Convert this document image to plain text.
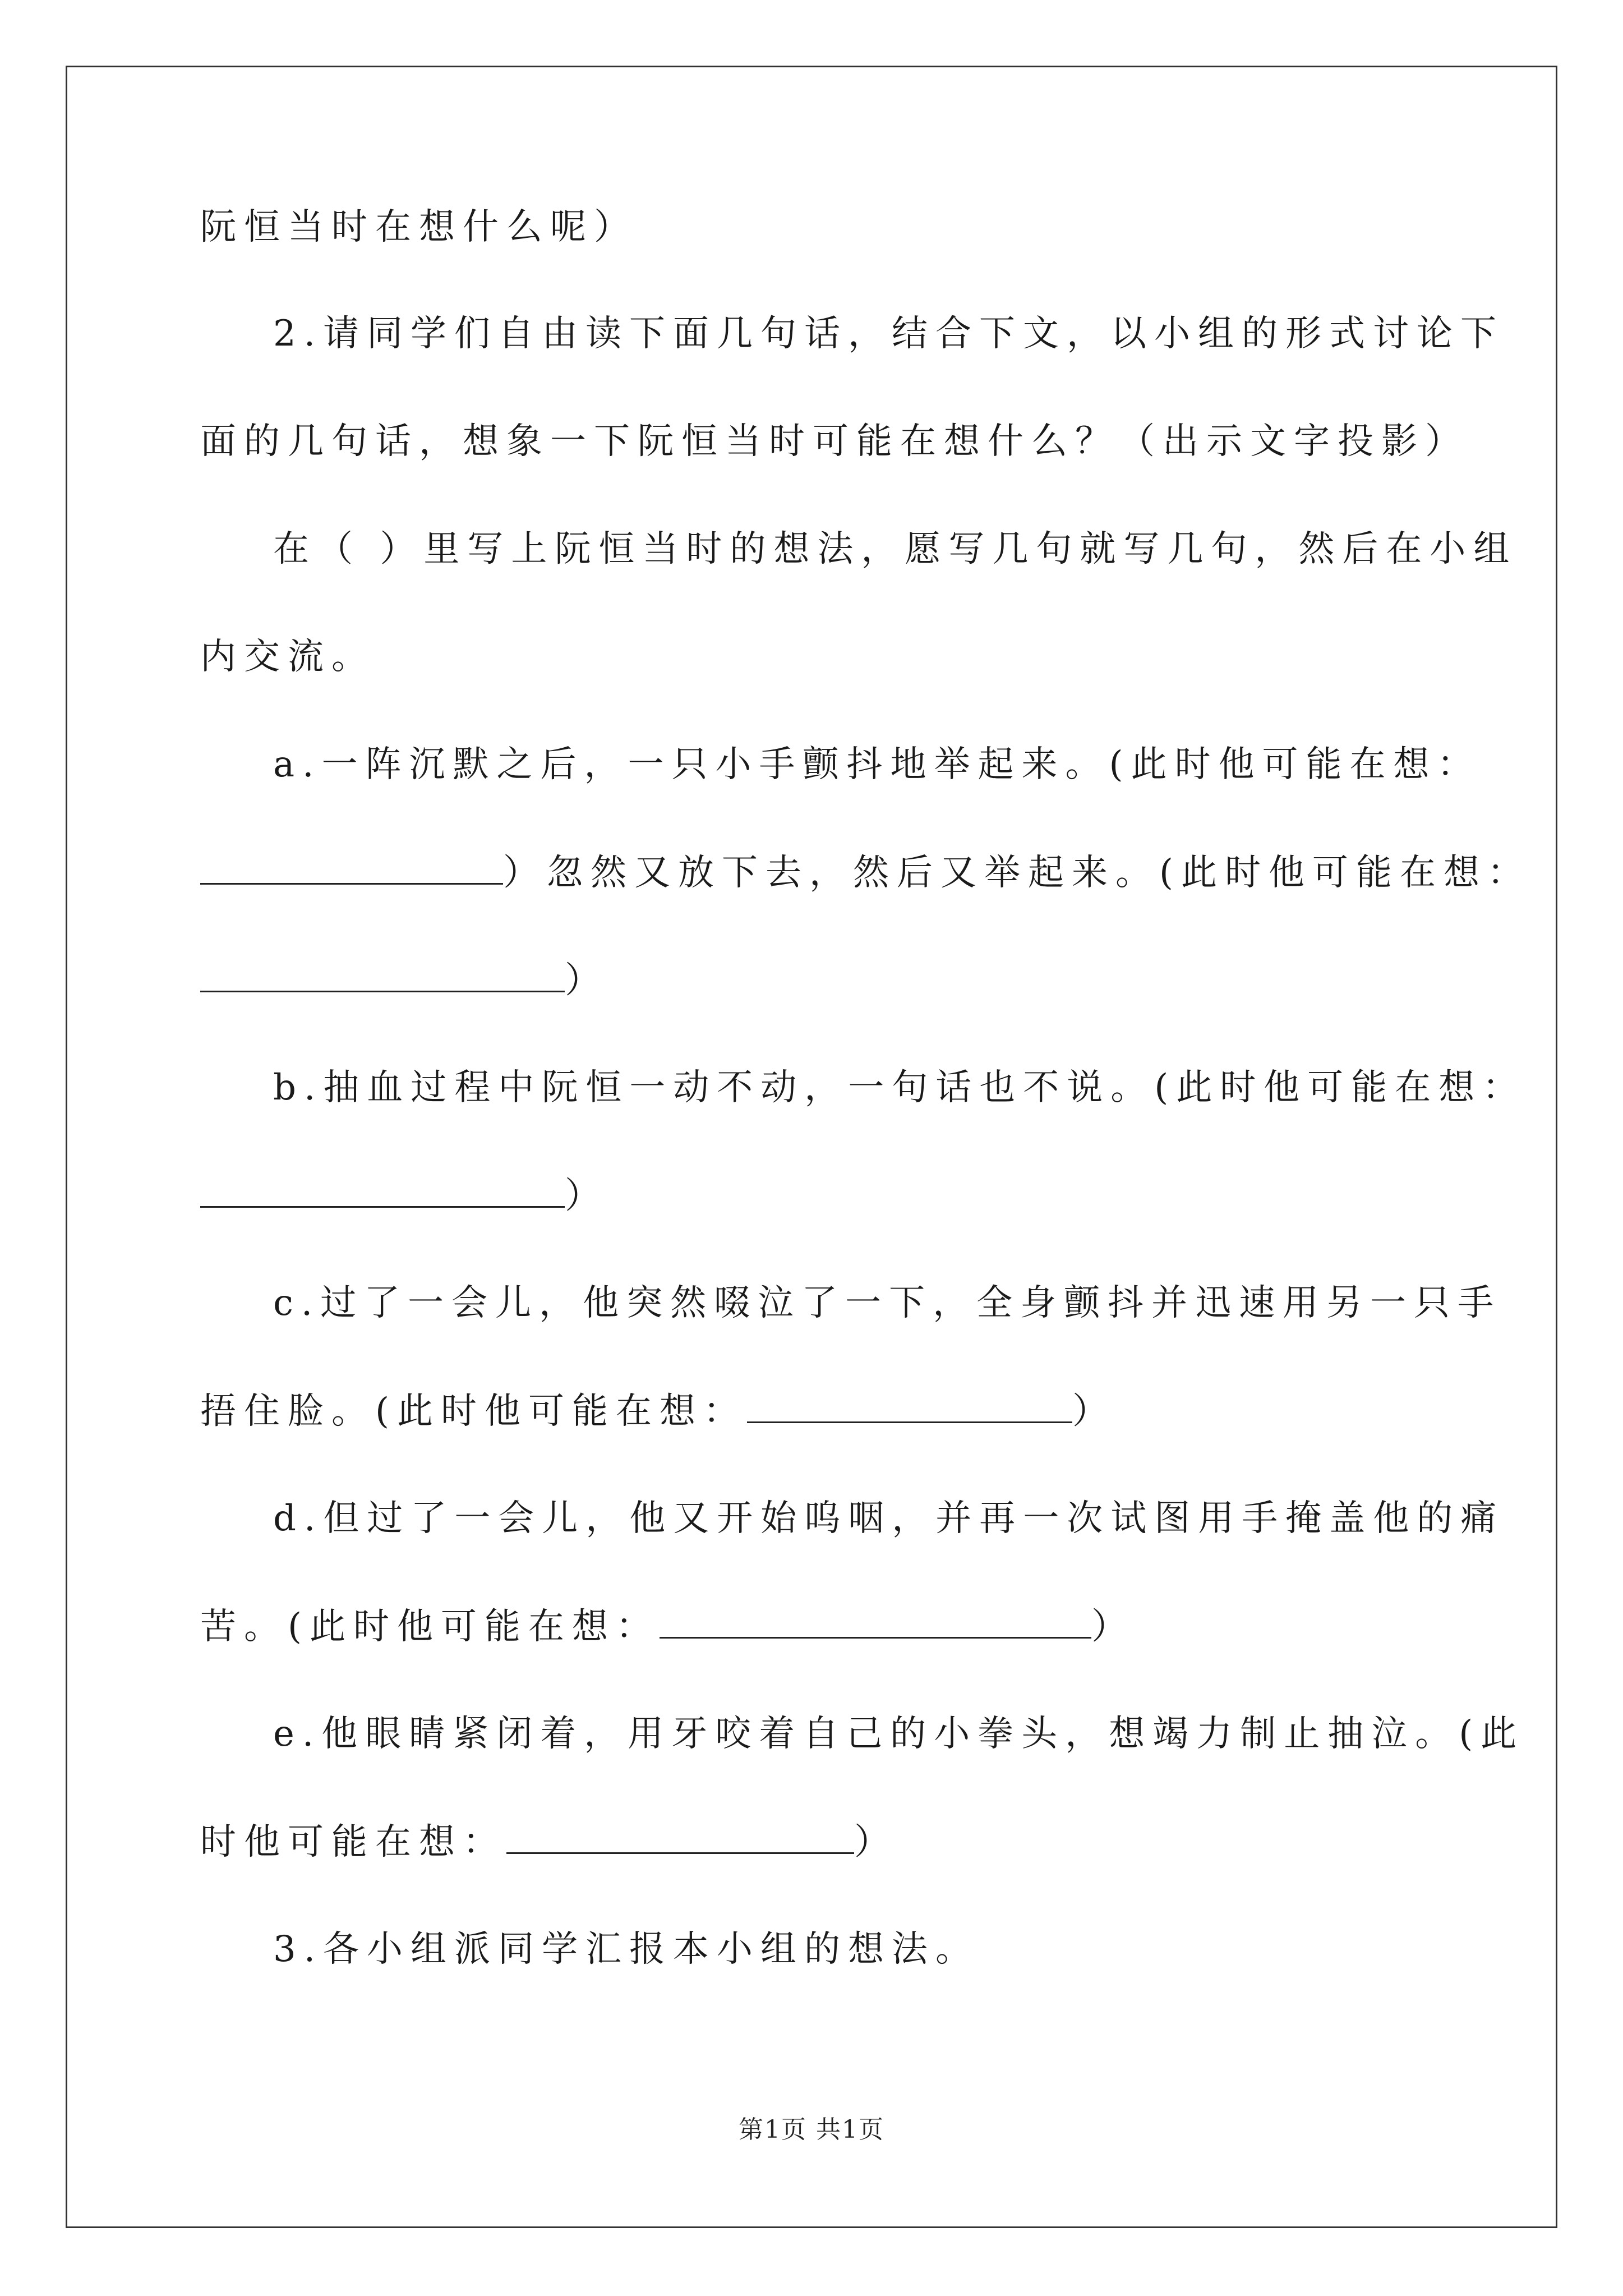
阮恒当时在想什么呢）
2.请同学们自由读下面几句话，结合下文，以小组的形式讨论下
面的几句话，想象一下阮恒当时可能在想什么？（出示文字投影）
在（ ）里写上阮恒当时的想法，愿写几句就写几句，然后在小组
内交流。
a.一阵沉默之后，一只小手颤抖地举起来。(此时他可能在想：
）忽然又放下去，然后又举起来。(此时他可能在想：
）
b.抽血过程中阮恒一动不动，一句话也不说。(此时他可能在想：
）
c.过了一会儿，他突然啜泣了一下，全身颤抖并迅速用另一只手
捂住脸。(此时他可能在想：	）
d.但过了一会儿，他又开始呜咽，并再一次试图用手掩盖他的痛
苦。(此时他可能在想：	）
e.他眼睛紧闭着，用牙咬着自己的小拳头，想竭力制止抽泣。(此
时他可能在想：	）
3.各小组派同学汇报本小组的想法。
第1页 共1页
